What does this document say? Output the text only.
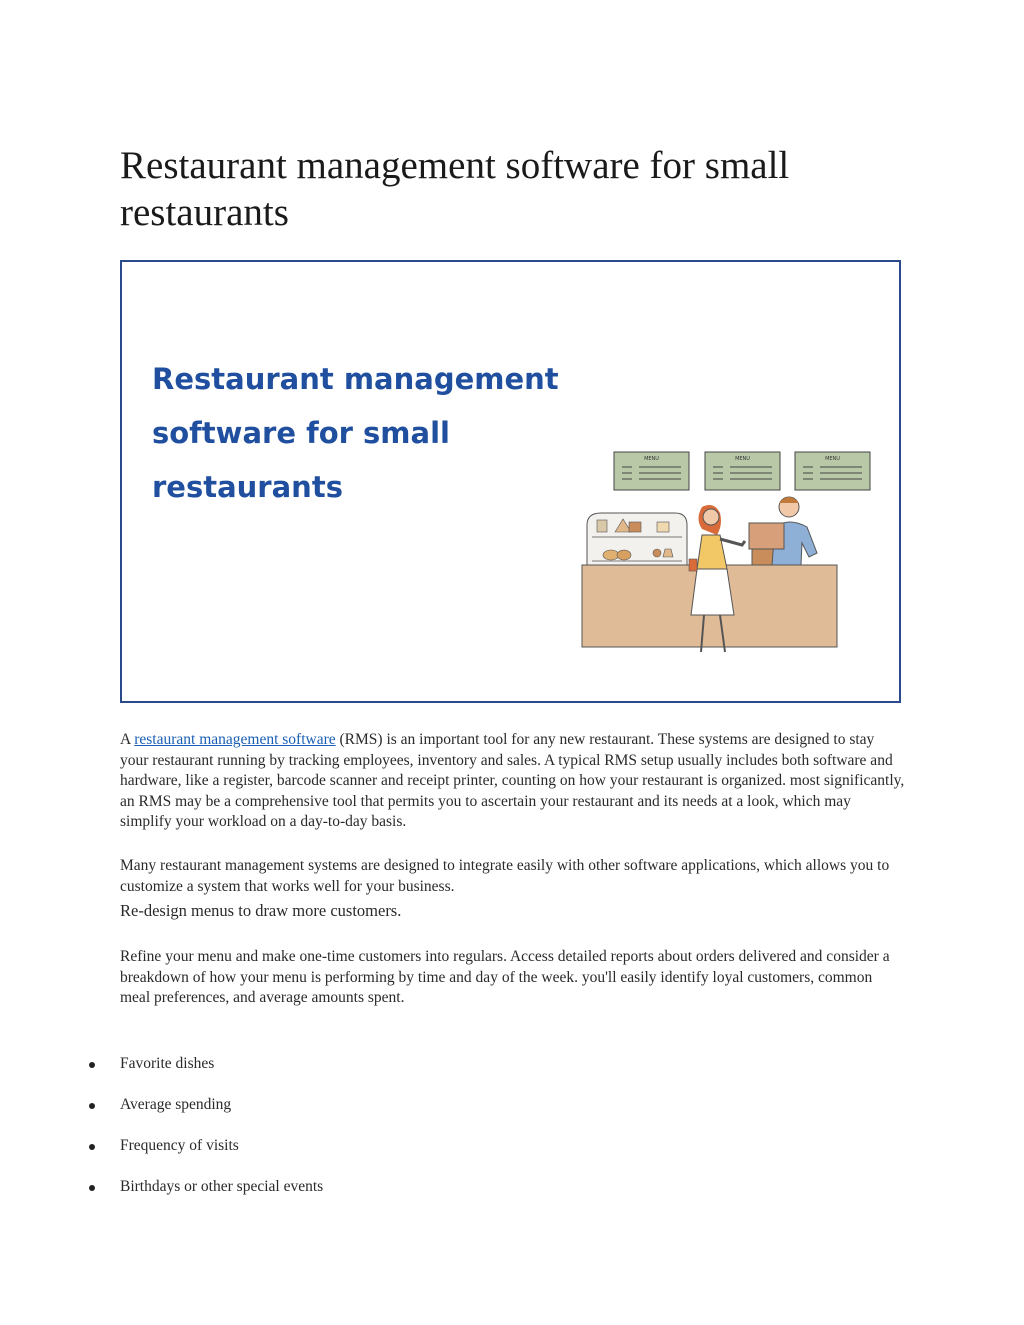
Restaurant management software for small restaurants
Restaurant management
software for small
restaurants
MENU	MENU	MENU

A restaurant management software (RMS) is an important tool for any new restaurant. These systems are designed to stay your restaurant running by tracking employees, inventory and sales. A typical RMS setup usually includes both software and hardware, like a register, barcode scanner and receipt printer, counting on how your restaurant is organized. most significantly, an RMS may be a comprehensive tool that permits you to ascertain your restaurant and its needs at a look, which may simplify your workload on a day-to-day basis.

Many restaurant management systems are designed to integrate easily with other software applications, which allows you to customize a system that works well for your business.

Re-design menus to draw more customers.

Refine your menu and make one-time customers into regulars. Access detailed reports about orders delivered and consider a breakdown of how your menu is performing by time and day of the week. you'll easily identify loyal customers, common meal preferences, and average amounts spent.

Favorite dishes
Average spending
Frequency of visits
Birthdays or other special events
